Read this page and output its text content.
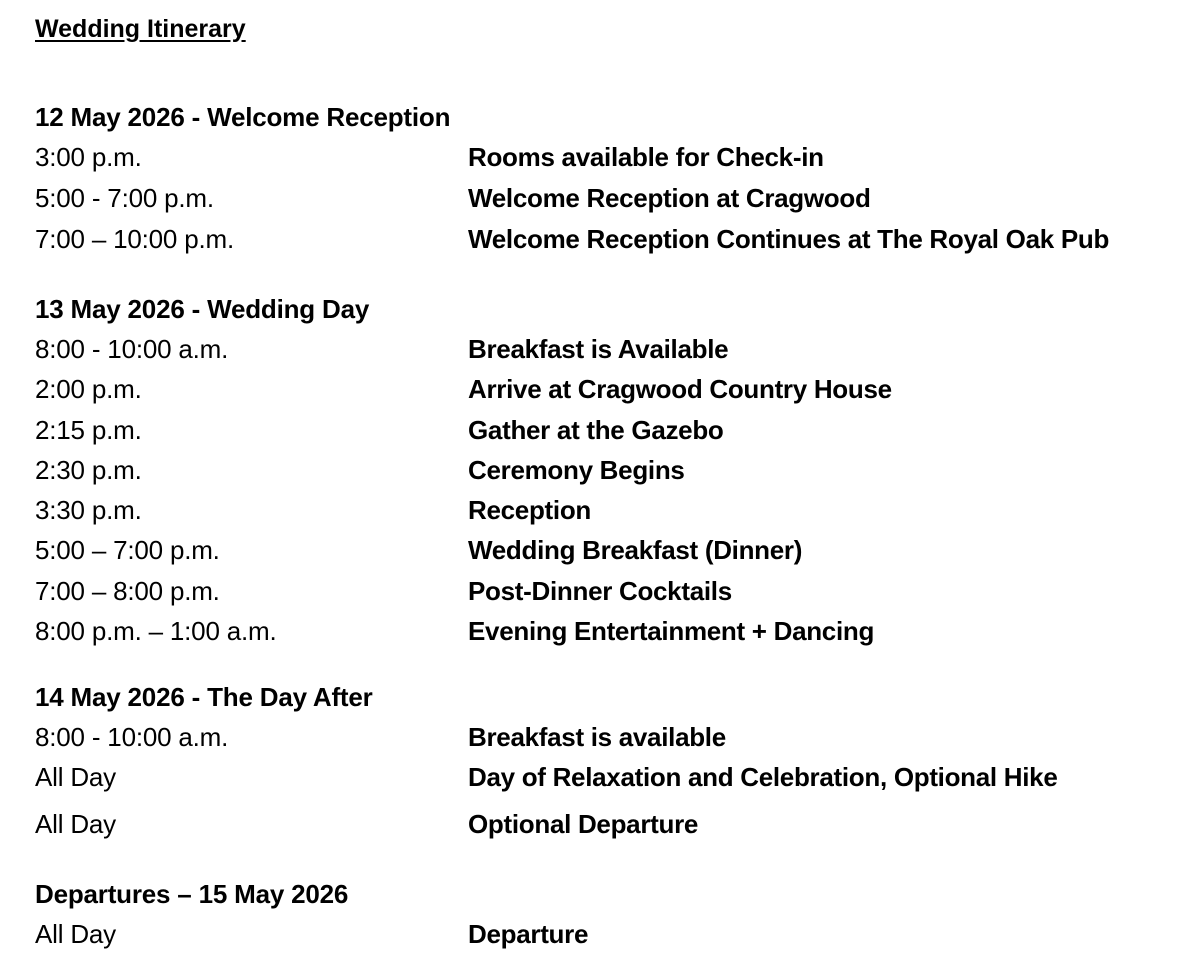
Wedding Itinerary
12 May 2026 - Welcome Reception
3:00 p.m.	Rooms available for Check-in
5:00 - 7:00 p.m.	Welcome Reception at Cragwood
7:00 – 10:00 p.m.	Welcome Reception Continues at The Royal Oak Pub
13 May 2026 - Wedding Day
8:00 - 10:00 a.m.	Breakfast is Available
2:00 p.m.	Arrive at Cragwood Country House
2:15 p.m.	Gather at the Gazebo
2:30 p.m.	Ceremony Begins
3:30 p.m.	Reception
5:00 – 7:00 p.m.	Wedding Breakfast (Dinner)
7:00 – 8:00 p.m.	Post-Dinner Cocktails
8:00 p.m. – 1:00 a.m.	Evening Entertainment + Dancing
14 May 2026 - The Day After
8:00 - 10:00 a.m.	Breakfast is available
All Day	Day of Relaxation and Celebration, Optional Hike
All Day	Optional Departure
Departures – 15 May 2026
All Day	Departure
